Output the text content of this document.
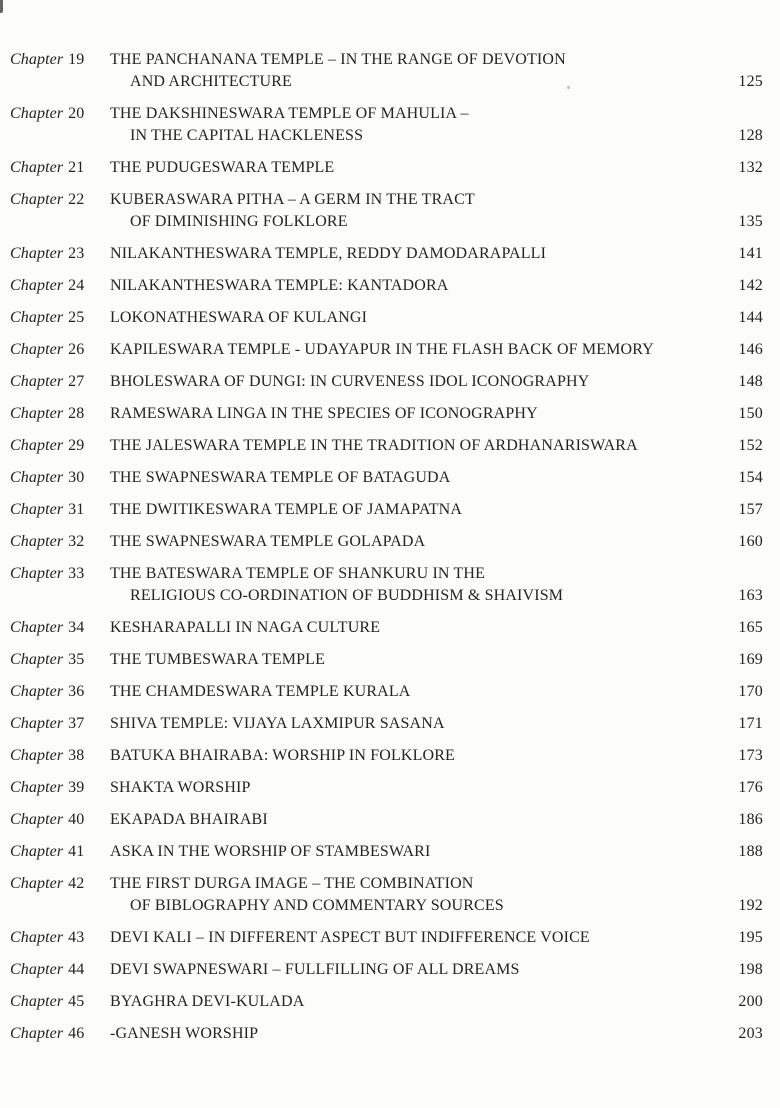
Chapter 19	THE PANCHANANA TEMPLE – IN THE RANGE OF DEVOTION
AND ARCHITECTURE	125
Chapter 20	THE DAKSHINESWARA TEMPLE OF MAHULIA –
IN THE CAPITAL HACKLENESS	128
Chapter 21	THE PUDUGESWARA TEMPLE	132
Chapter 22	KUBERASWARA PITHA – A GERM IN THE TRACT
OF DIMINISHING FOLKLORE	135
Chapter 23	NILAKANTHESWARA TEMPLE, REDDY DAMODARAPALLI	141
Chapter 24	NILAKANTHESWARA TEMPLE: KANTADORA	142
Chapter 25	LOKONATHESWARA OF KULANGI	144
Chapter 26	KAPILESWARA TEMPLE - UDAYAPUR IN THE FLASH BACK OF MEMORY	146
Chapter 27	BHOLESWARA OF DUNGI: IN CURVENESS IDOL ICONOGRAPHY	148
Chapter 28	RAMESWARA LINGA IN THE SPECIES OF ICONOGRAPHY	150
Chapter 29	THE JALESWARA TEMPLE IN THE TRADITION OF ARDHANARISWARA	152
Chapter 30	THE SWAPNESWARA TEMPLE OF BATAGUDA	154
Chapter 31	THE DWITIKESWARA TEMPLE OF JAMAPATNA	157
Chapter 32	THE SWAPNESWARA TEMPLE GOLAPADA	160
Chapter 33	THE BATESWARA TEMPLE OF SHANKURU IN THE
RELIGIOUS CO-ORDINATION OF BUDDHISM & SHAIVISM	163
Chapter 34	KESHARAPALLI IN NAGA CULTURE	165
Chapter 35	THE TUMBESWARA TEMPLE	169
Chapter 36	THE CHAMDESWARA TEMPLE KURALA	170
Chapter 37	SHIVA TEMPLE: VIJAYA LAXMIPUR SASANA	171
Chapter 38	BATUKA BHAIRABA: WORSHIP IN FOLKLORE	173
Chapter 39	SHAKTA WORSHIP	176
Chapter 40	EKAPADA BHAIRABI	186
Chapter 41	ASKA IN THE WORSHIP OF STAMBESWARI	188
Chapter 42	THE FIRST DURGA IMAGE – THE COMBINATION
OF BIBLOGRAPHY AND COMMENTARY SOURCES	192
Chapter 43	DEVI KALI – IN DIFFERENT ASPECT BUT INDIFFERENCE VOICE	195
Chapter 44	DEVI SWAPNESWARI – FULLFILLING OF ALL DREAMS	198
Chapter 45	BYAGHRA DEVI-KULADA	200
Chapter 46	-GANESH WORSHIP	203
